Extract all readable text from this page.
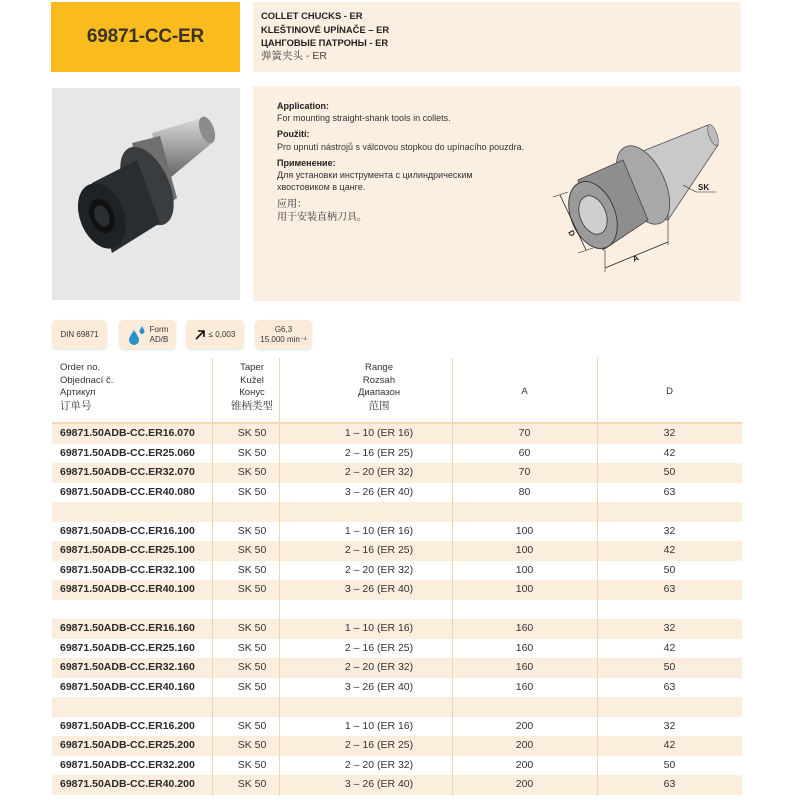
69871-CC-ER
COLLET CHUCKS - ER
KLEŠTINOVÉ UPÍNAČE – ER
ЦАНГОВЫЕ ПАТРОНЫ - ER
弹簧夹头 - ER
Application:
For mounting straight-shank tools in collets.
Použití:
Pro upnutí nástrojů s válcovou stopkou do upínacího pouzdra.
Применение:
Для установки инструмента с цилиндрическим
хвостовиком в цанге.
应用：
用于安装直柄刀具。
SK
D
A
DIN 69871
Form
AD/B
≤ 0,003
G6,3
15.000 min⁻¹
Order no.
Objednací č.
Артикул
订单号
Taper
Kužel
Конус
锥柄类型
Range
Rozsah
Диапазон
范围
A	D
69871.50ADB-CC.ER16.070	SK 50	1 – 10 (ER 16)	70	32
69871.50ADB-CC.ER25.060	SK 50	2 – 16 (ER 25)	60	42
69871.50ADB-CC.ER32.070	SK 50	2 – 20 (ER 32)	70	50
69871.50ADB-CC.ER40.080	SK 50	3 – 26 (ER 40)	80	63
69871.50ADB-CC.ER16.100	SK 50	1 – 10 (ER 16)	100	32
69871.50ADB-CC.ER25.100	SK 50	2 – 16 (ER 25)	100	42
69871.50ADB-CC.ER32.100	SK 50	2 – 20 (ER 32)	100	50
69871.50ADB-CC.ER40.100	SK 50	3 – 26 (ER 40)	100	63
69871.50ADB-CC.ER16.160	SK 50	1 – 10 (ER 16)	160	32
69871.50ADB-CC.ER25.160	SK 50	2 – 16 (ER 25)	160	42
69871.50ADB-CC.ER32.160	SK 50	2 – 20 (ER 32)	160	50
69871.50ADB-CC.ER40.160	SK 50	3 – 26 (ER 40)	160	63
69871.50ADB-CC.ER16.200	SK 50	1 – 10 (ER 16)	200	32
69871.50ADB-CC.ER25.200	SK 50	2 – 16 (ER 25)	200	42
69871.50ADB-CC.ER32.200	SK 50	2 – 20 (ER 32)	200	50
69871.50ADB-CC.ER40.200	SK 50	3 – 26 (ER 40)	200	63
